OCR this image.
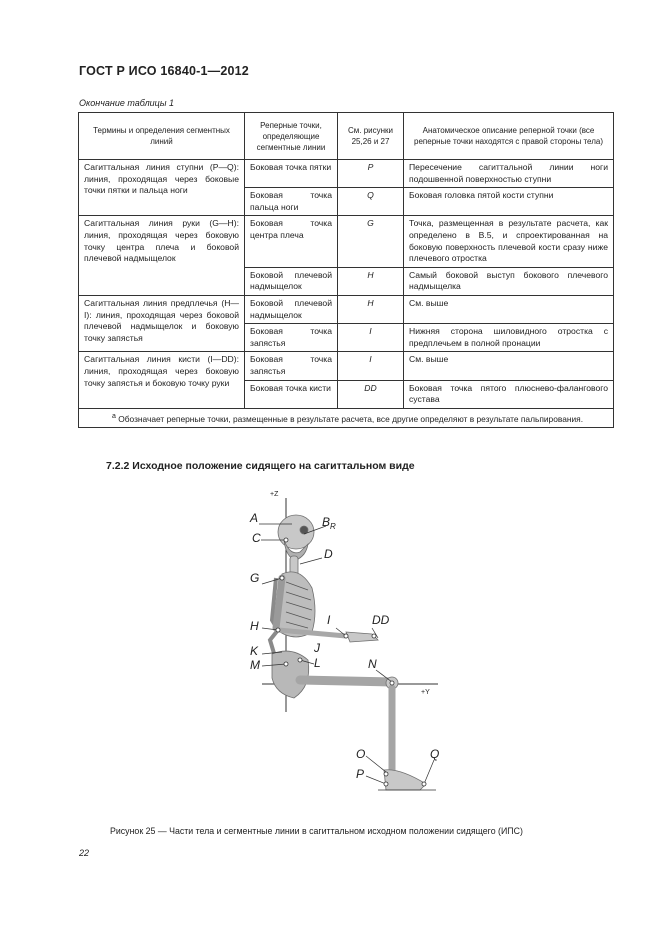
ГОСТ Р ИСО 16840-1—2012
Окончание таблицы 1
Термины и определения сегментных линий	Реперные точки, определяющие сегментные линии	См. рисунки 25,26 и 27	Анатомическое описание реперной точки (все реперные точки находятся с правой стороны тела)
Сагиттальная линия ступни (P—Q): линия, проходящая через боковые точки пятки и пальца ноги	Боковая точка пятки	P	Пересечение сагиттальной линии ноги подошвенной поверхностью ступни
	Боковая точка пальца ноги	Q	Боковая головка пятой кости ступни
Сагиттальная линия руки (G—H): линия, проходящая через боковую точку центра плеча и боковой плечевой надмыщелок	Боковая точка центра плеча	G	Точка, размещенная в результате расчета, как определено в В.5, и спроектированная на боковую поверхность плечевой кости сразу ниже плечевого отростка
	Боковой плечевой надмыщелок	H	Самый боковой выступ бокового плечевого надмыщелка
Сагиттальная линия предплечья (H—I): линия, проходящая через боковой плечевой надмыщелок и боковую точку запястья	Боковой плечевой надмыщелок	H	См. выше
	Боковая точка запястья	I	Нижняя сторона шиловидного отростка с предплечьем в полной пронации
Сагиттальная линия кисти (I—DD): линия, проходящая через боковую точку запястья и боковую точку руки	Боковая точка запястья	I	См. выше
	Боковая точка кисти	DD	Боковая точка пятого плюснево-фалангового сустава
$^a$ Обозначает реперные точки, размещенные в результате расчета, все другие определяют в результате пальпирования.			
7.2.2 Исходное положение сидящего на сагиттальном виде
+Z
+Y
A
C
$B_R$
D
G
I	DD
H
J
K
M	L	N
O
P
Q
Рисунок 25 — Части тела и сегментные линии в сагиттальном исходном положении сидящего (ИПС)
22
